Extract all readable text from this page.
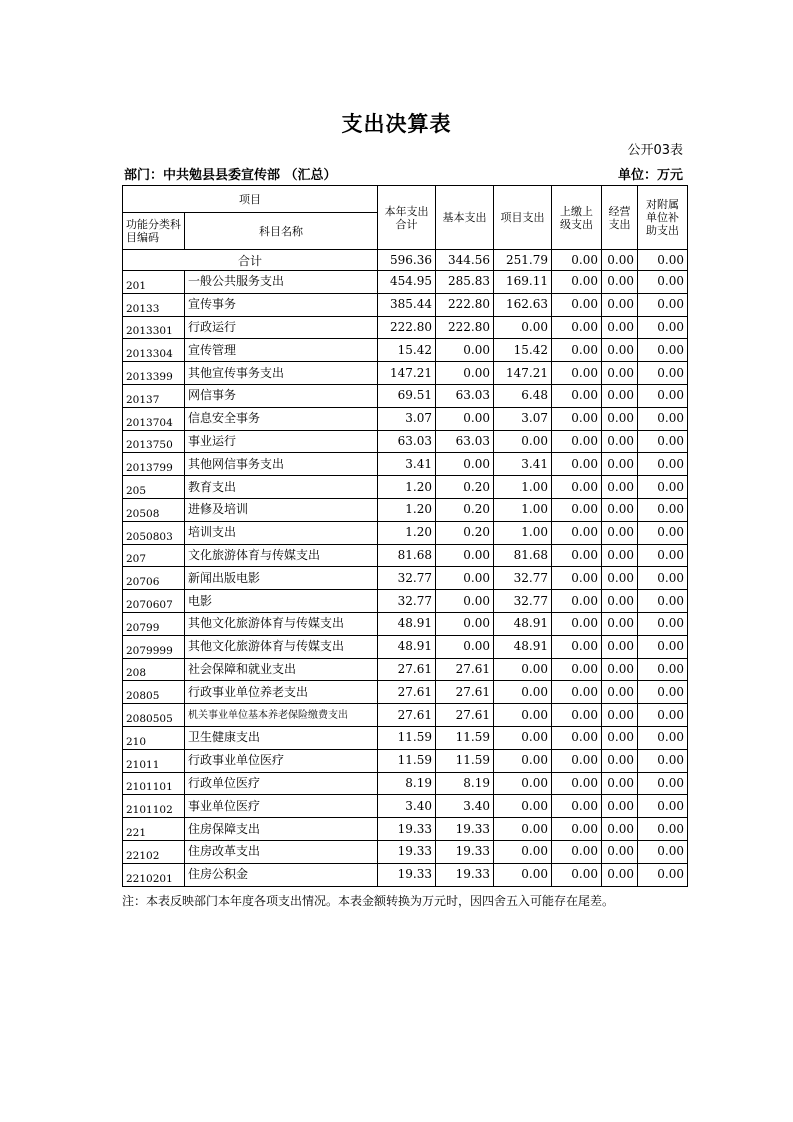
支出决算表
公开03表
部门：中共勉县县委宣传部 （汇总）	单位：万元
项目		本年支出合计	基本支出	项目支出	上缴上级支出	经营支出	对附属单位补助支出
功能分类科目编码	科目名称						
合计		596.36	344.56	251.79	0.00	0.00	0.00
201	一般公共服务支出	454.95	285.83	169.11	0.00	0.00	0.00
20133	宣传事务	385.44	222.80	162.63	0.00	0.00	0.00
2013301	行政运行	222.80	222.80	0.00	0.00	0.00	0.00
2013304	宣传管理	15.42	0.00	15.42	0.00	0.00	0.00
2013399	其他宣传事务支出	147.21	0.00	147.21	0.00	0.00	0.00
20137	网信事务	69.51	63.03	6.48	0.00	0.00	0.00
2013704	信息安全事务	3.07	0.00	3.07	0.00	0.00	0.00
2013750	事业运行	63.03	63.03	0.00	0.00	0.00	0.00
2013799	其他网信事务支出	3.41	0.00	3.41	0.00	0.00	0.00
205	教育支出	1.20	0.20	1.00	0.00	0.00	0.00
20508	进修及培训	1.20	0.20	1.00	0.00	0.00	0.00
2050803	培训支出	1.20	0.20	1.00	0.00	0.00	0.00
207	文化旅游体育与传媒支出	81.68	0.00	81.68	0.00	0.00	0.00
20706	新闻出版电影	32.77	0.00	32.77	0.00	0.00	0.00
2070607	电影	32.77	0.00	32.77	0.00	0.00	0.00
20799	其他文化旅游体育与传媒支出	48.91	0.00	48.91	0.00	0.00	0.00
2079999	其他文化旅游体育与传媒支出	48.91	0.00	48.91	0.00	0.00	0.00
208	社会保障和就业支出	27.61	27.61	0.00	0.00	0.00	0.00
20805	行政事业单位养老支出	27.61	27.61	0.00	0.00	0.00	0.00
2080505	机关事业单位基本养老保险缴费支出	27.61	27.61	0.00	0.00	0.00	0.00
210	卫生健康支出	11.59	11.59	0.00	0.00	0.00	0.00
21011	行政事业单位医疗	11.59	11.59	0.00	0.00	0.00	0.00
2101101	行政单位医疗	8.19	8.19	0.00	0.00	0.00	0.00
2101102	事业单位医疗	3.40	3.40	0.00	0.00	0.00	0.00
221	住房保障支出	19.33	19.33	0.00	0.00	0.00	0.00
22102	住房改革支出	19.33	19.33	0.00	0.00	0.00	0.00
2210201	住房公积金	19.33	19.33	0.00	0.00	0.00	0.00
注：本表反映部门本年度各项支出情况。本表金额转换为万元时，因四舍五入可能存在尾差。
